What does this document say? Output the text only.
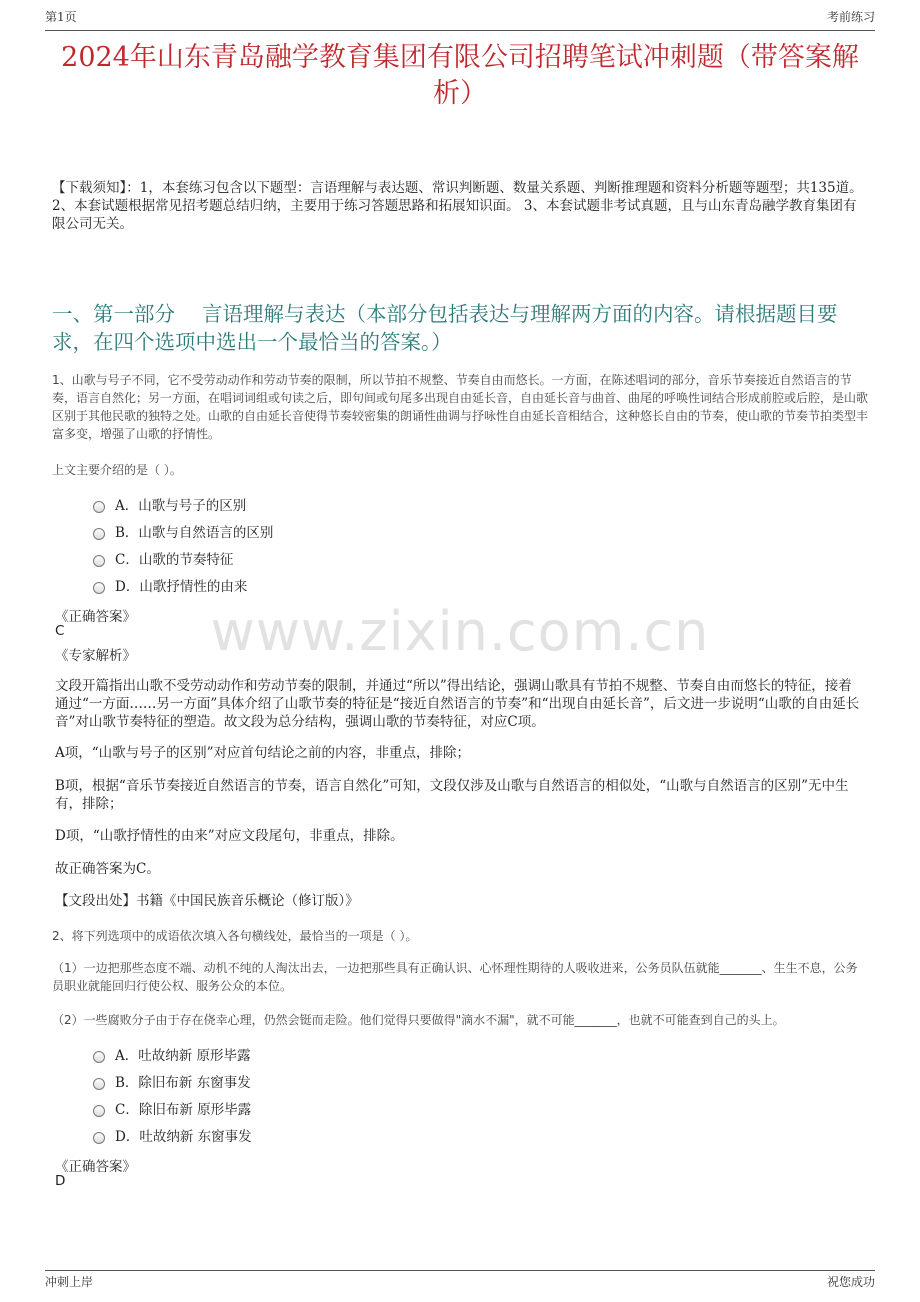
第1页	考前练习
2024年山东青岛融学教育集团有限公司招聘笔试冲刺题（带答案解析）
【下载须知】：1，本套练习包含以下题型：言语理解与表达题、常识判断题、数量关系题、判断推理题和资料分析题等题型；共135道。 2、本套试题根据常见招考题总结归纳，主要用于练习答题思路和拓展知识面。 3、本套试题非考试真题，且与山东青岛融学教育集团有限公司无关。
一、第一部分　 言语理解与表达（本部分包括表达与理解两方面的内容。请根据题目要求，在四个选项中选出一个最恰当的答案。）
www.zixin.com.cn
1、山歌与号子不同，它不受劳动动作和劳动节奏的限制，所以节拍不规整、节奏自由而悠长。一方面，在陈述唱词的部分，音乐节奏接近自然语言的节奏，语言自然化；另一方面，在唱词词组或句读之后，即句间或句尾多出现自由延长音，自由延长音与曲首、曲尾的呼唤性词结合形成前腔或后腔，是山歌区别于其他民歌的独特之处。山歌的自由延长音使得节奏较密集的朗诵性曲调与抒咏性自由延长音相结合，这种悠长自由的节奏，使山歌的节奏节拍类型丰富多变，增强了山歌的抒情性。
上文主要介绍的是（ ）。
A．山歌与号子的区别
B．山歌与自然语言的区别
C．山歌的节奏特征
D．山歌抒情性的由来
《正确答案》
C
《专家解析》
文段开篇指出山歌不受劳动动作和劳动节奏的限制，并通过“所以”得出结论，强调山歌具有节拍不规整、节奏自由而悠长的特征，接着通过“一方面……另一方面”具体介绍了山歌节奏的特征是“接近自然语言的节奏”和“出现自由延长音”，后文进一步说明“山歌的自由延长音”对山歌节奏特征的塑造。故文段为总分结构，强调山歌的节奏特征，对应C项。
A项，“山歌与号子的区别”对应首句结论之前的内容，非重点，排除；
B项，根据“音乐节奏接近自然语言的节奏，语言自然化”可知，文段仅涉及山歌与自然语言的相似处，“山歌与自然语言的区别”无中生有，排除；
D项，“山歌抒情性的由来”对应文段尾句，非重点，排除。
故正确答案为C。
【文段出处】书籍《中国民族音乐概论（修订版）》
2、将下列选项中的成语依次填入各句横线处，最恰当的一项是（ ）。
（1）一边把那些态度不端、动机不纯的人淘汰出去，一边把那些具有正确认识、心怀理性期待的人吸收进来，公务员队伍就能_______、生生不息，公务员职业就能回归行使公权、服务公众的本位。
（2）一些腐败分子由于存在侥幸心理，仍然会铤而走险。他们觉得只要做得"滴水不漏"，就不可能_______，也就不可能查到自己的头上。
A．吐故纳新 原形毕露
B．除旧布新 东窗事发
C．除旧布新 原形毕露
D．吐故纳新 东窗事发
《正确答案》
D
冲刺上岸	祝您成功
